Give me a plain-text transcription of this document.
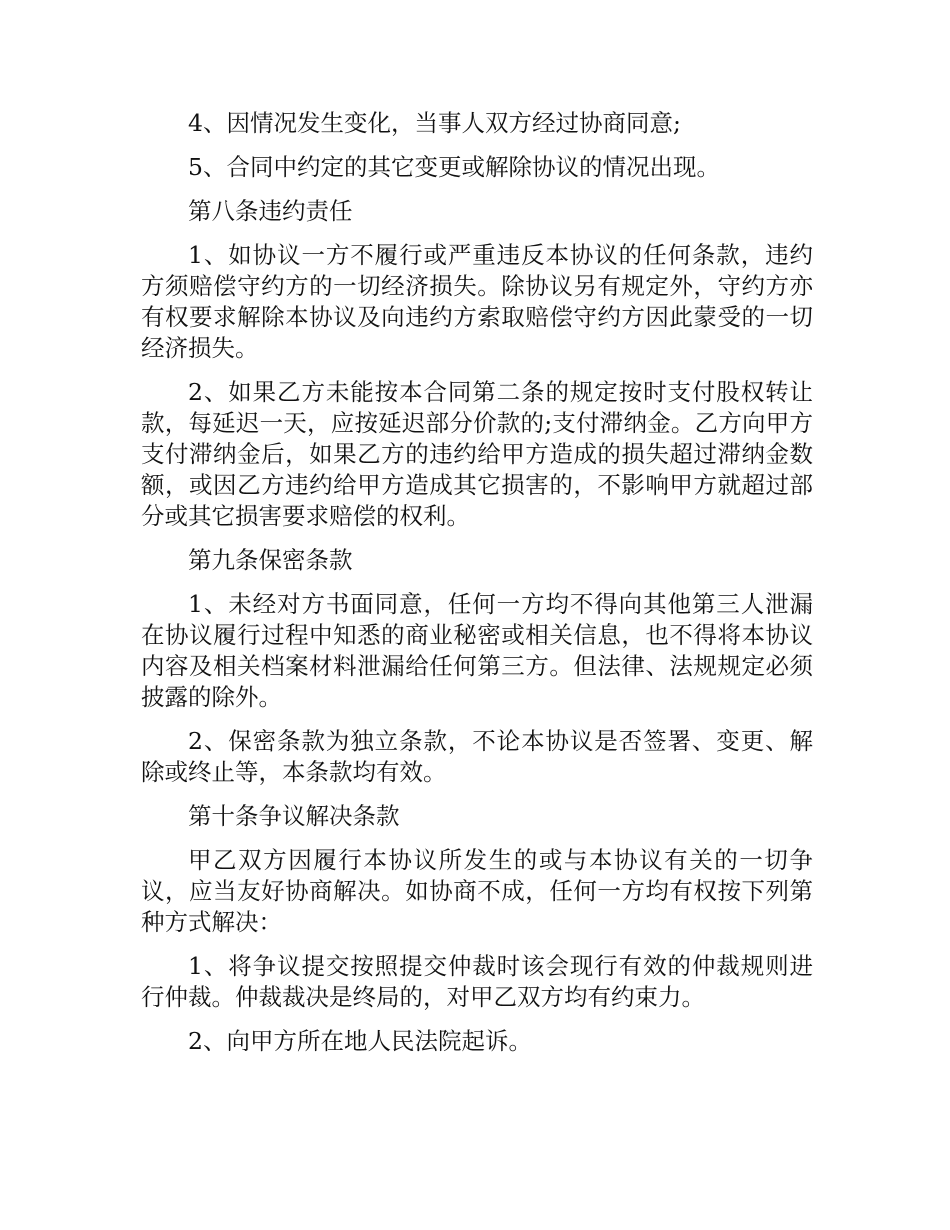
4、因情况发生变化，当事人双方经过协商同意;

5、合同中约定的其它变更或解除协议的情况出现。

第八条违约责任

1、如协议一方不履行或严重违反本协议的任何条款，违约方须赔偿守约方的一切经济损失。除协议另有规定外，守约方亦有权要求解除本协议及向违约方索取赔偿守约方因此蒙受的一切经济损失。

2、如果乙方未能按本合同第二条的规定按时支付股权转让款，每延迟一天，应按延迟部分价款的;支付滞纳金。乙方向甲方支付滞纳金后，如果乙方的违约给甲方造成的损失超过滞纳金数额，或因乙方违约给甲方造成其它损害的，不影响甲方就超过部分或其它损害要求赔偿的权利。

第九条保密条款

1、未经对方书面同意，任何一方均不得向其他第三人泄漏在协议履行过程中知悉的商业秘密或相关信息，也不得将本协议内容及相关档案材料泄漏给任何第三方。但法律、法规规定必须披露的除外。

2、保密条款为独立条款，不论本协议是否签署、变更、解除或终止等，本条款均有效。

第十条争议解决条款

甲乙双方因履行本协议所发生的或与本协议有关的一切争议，应当友好协商解决。如协商不成，任何一方均有权按下列第种方式解决：

1、将争议提交按照提交仲裁时该会现行有效的仲裁规则进行仲裁。仲裁裁决是终局的，对甲乙双方均有约束力。

2、向甲方所在地人民法院起诉。
